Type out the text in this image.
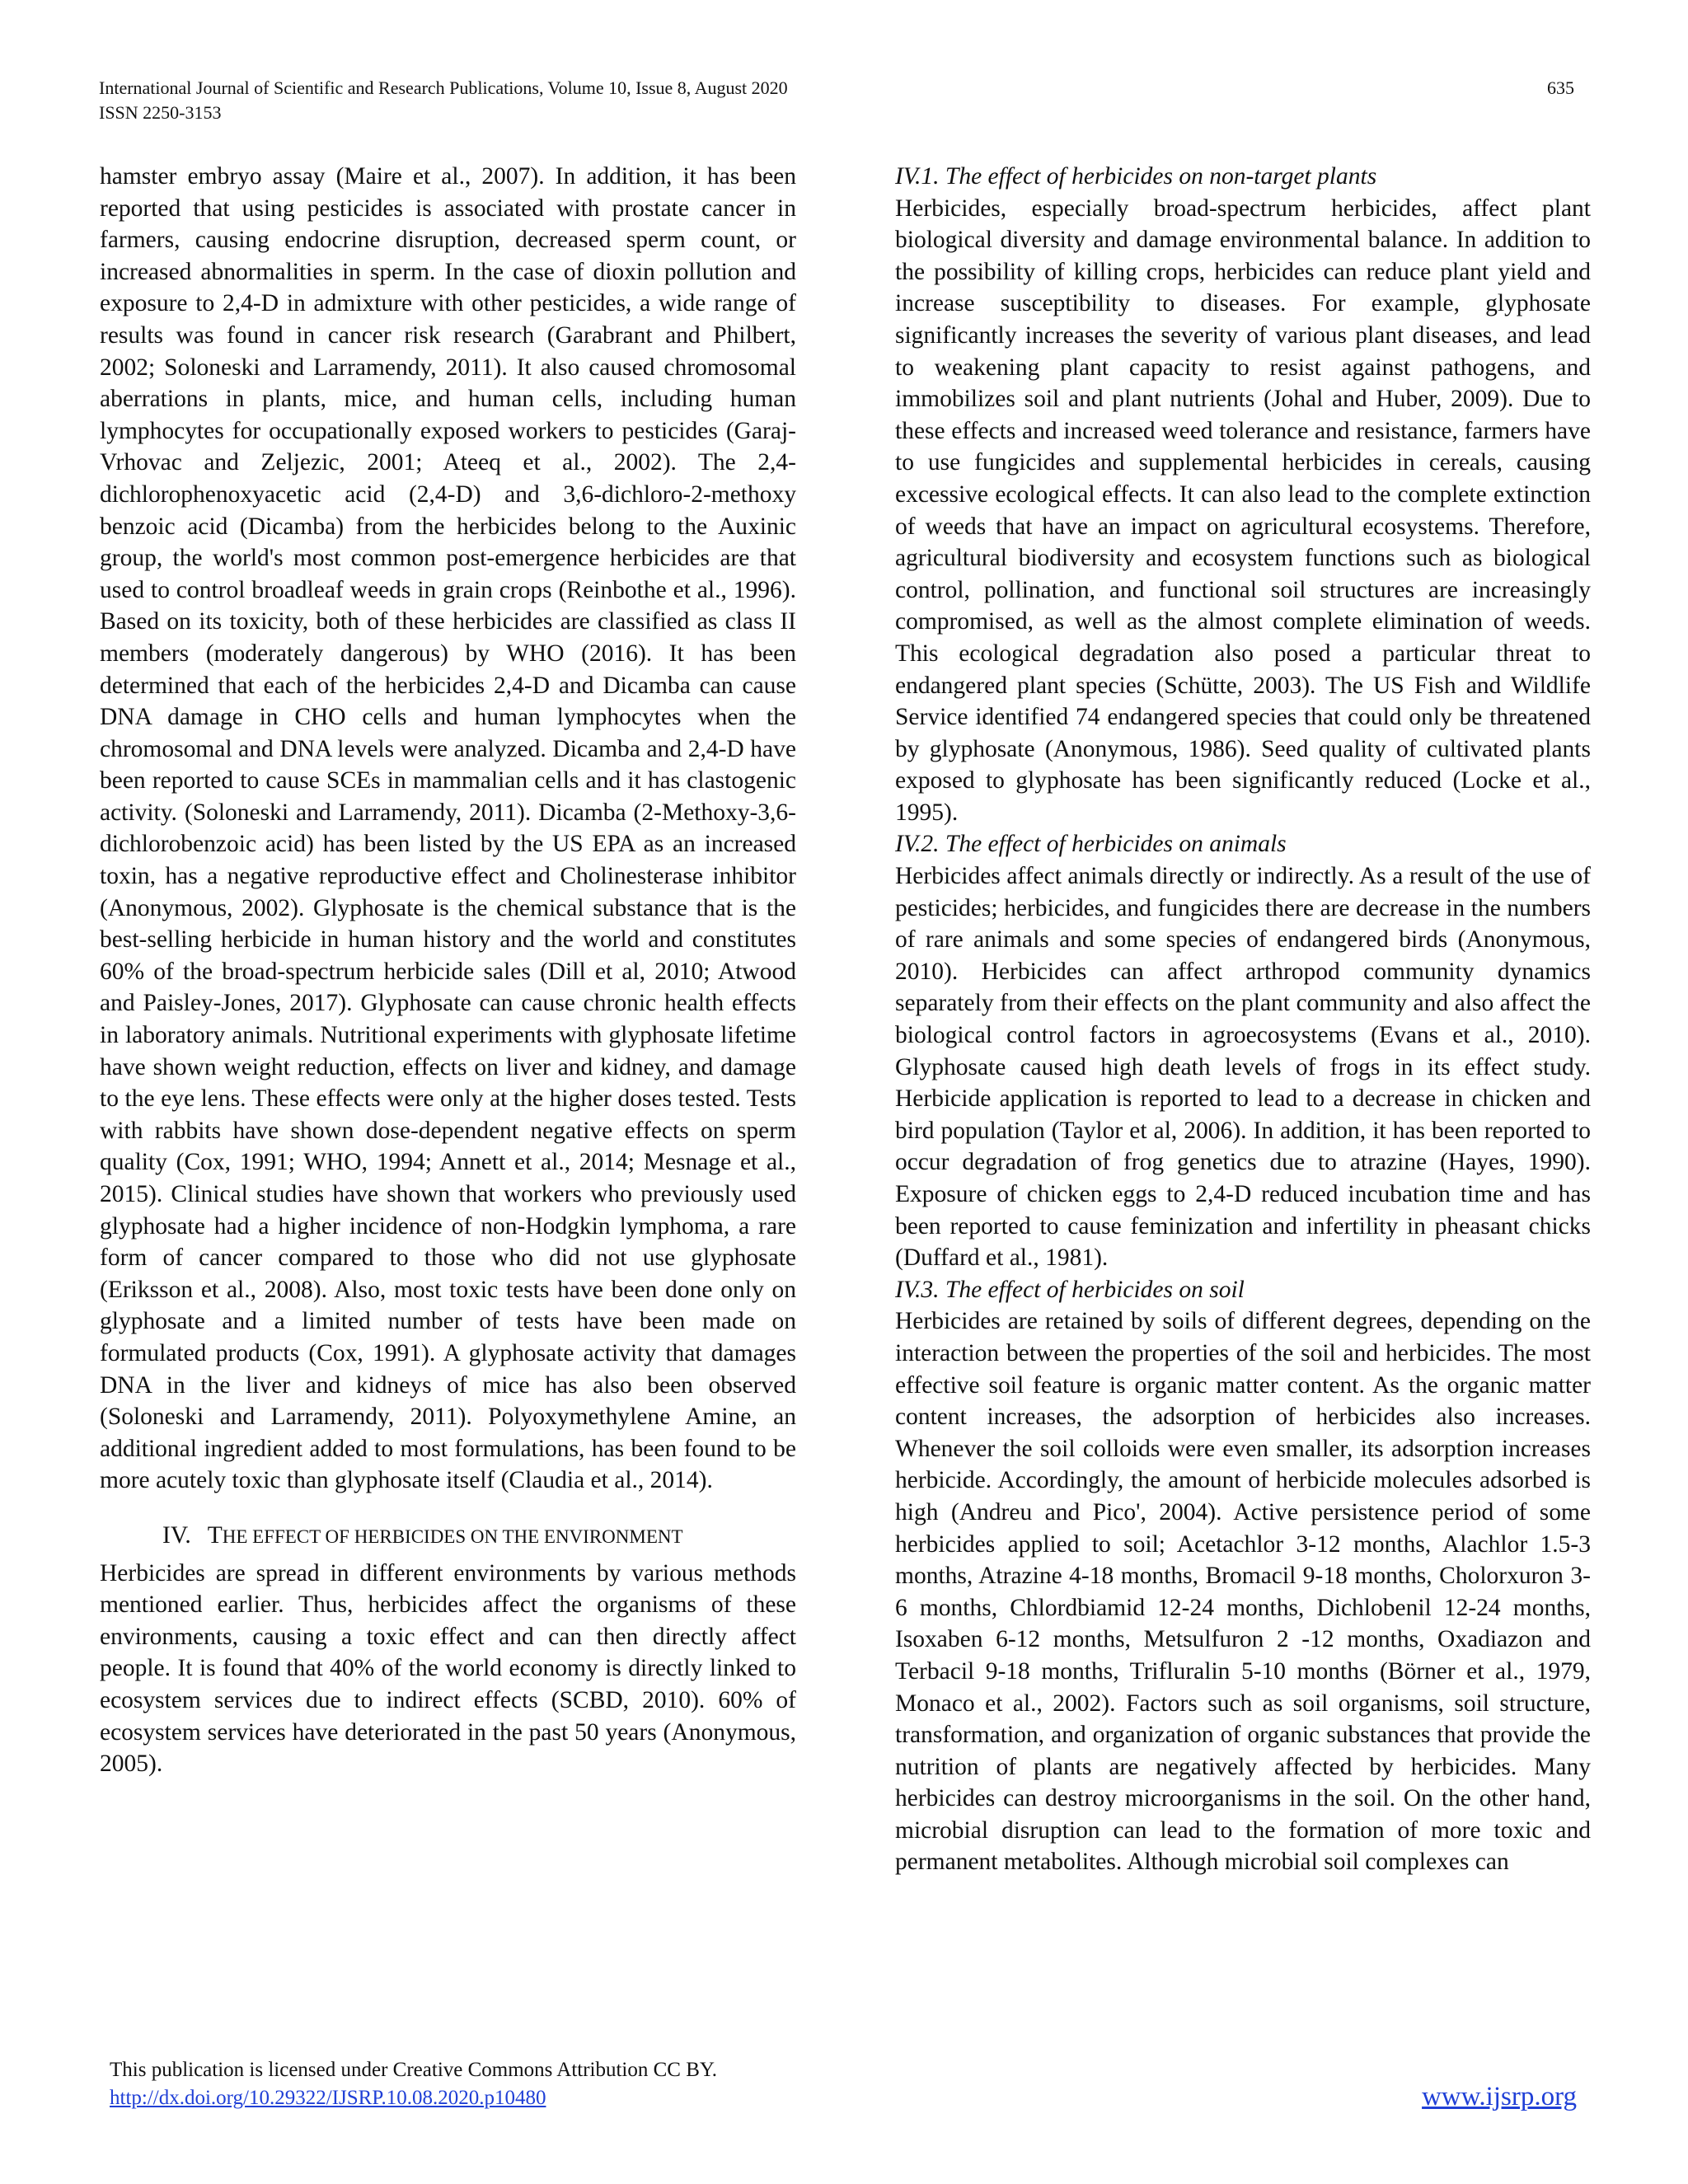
International Journal of Scientific and Research Publications, Volume 10, Issue 8, August 2020
ISSN 2250-3153
635

hamster embryo assay (Maire et al., 2007). In addition, it has been reported that using pesticides is associated with prostate cancer in farmers, causing endocrine disruption, decreased sperm count, or increased abnormalities in sperm. In the case of dioxin pollution and exposure to 2,4-D in admixture with other pesticides, a wide range of results was found in cancer risk research (Garabrant and Philbert, 2002; Soloneski and Larramendy, 2011). It also caused chromosomal aberrations in plants, mice, and human cells, including human lymphocytes for occupationally exposed workers to pesticides (Garaj-Vrhovac and Zeljezic, 2001; Ateeq et al., 2002). The 2,4-dichlorophenoxyacetic acid (2,4-D) and 3,6-dichloro-2-methoxy benzoic acid (Dicamba) from the herbicides belong to the Auxinic group, the world's most common post-emergence herbicides are that used to control broadleaf weeds in grain crops (Reinbothe et al., 1996). Based on its toxicity, both of these herbicides are classified as class II members (moderately dangerous) by WHO (2016). It has been determined that each of the herbicides 2,4-D and Dicamba can cause DNA damage in CHO cells and human lymphocytes when the chromosomal and DNA levels were analyzed. Dicamba and 2,4-D have been reported to cause SCEs in mammalian cells and it has clastogenic activity. (Soloneski and Larramendy, 2011). Dicamba (2-Methoxy-3,6-dichlorobenzoic acid) has been listed by the US EPA as an increased toxin, has a negative reproductive effect and Cholinesterase inhibitor (Anonymous, 2002). Glyphosate is the chemical substance that is the best-selling herbicide in human history and the world and constitutes 60% of the broad-spectrum herbicide sales (Dill et al, 2010; Atwood and Paisley-Jones, 2017). Glyphosate can cause chronic health effects in laboratory animals. Nutritional experiments with glyphosate lifetime have shown weight reduction, effects on liver and kidney, and damage to the eye lens. These effects were only at the higher doses tested. Tests with rabbits have shown dose-dependent negative effects on sperm quality (Cox, 1991; WHO, 1994; Annett et al., 2014; Mesnage et al., 2015). Clinical studies have shown that workers who previously used glyphosate had a higher incidence of non-Hodgkin lymphoma, a rare form of cancer compared to those who did not use glyphosate (Eriksson et al., 2008). Also, most toxic tests have been done only on glyphosate and a limited number of tests have been made on formulated products (Cox, 1991). A glyphosate activity that damages DNA in the liver and kidneys of mice has also been observed (Soloneski and Larramendy, 2011). Polyoxymethylene Amine, an additional ingredient added to most formulations, has been found to be more acutely toxic than glyphosate itself (Claudia et al., 2014).

IV. THE EFFECT OF HERBICIDES ON THE ENVIRONMENT

Herbicides are spread in different environments by various methods mentioned earlier. Thus, herbicides affect the organisms of these environments, causing a toxic effect and can then directly affect people. It is found that 40% of the world economy is directly linked to ecosystem services due to indirect effects (SCBD, 2010). 60% of ecosystem services have deteriorated in the past 50 years (Anonymous, 2005).

IV.1. The effect of herbicides on non-target plants

Herbicides, especially broad-spectrum herbicides, affect plant biological diversity and damage environmental balance. In addition to the possibility of killing crops, herbicides can reduce plant yield and increase susceptibility to diseases. For example, glyphosate significantly increases the severity of various plant diseases, and lead to weakening plant capacity to resist against pathogens, and immobilizes soil and plant nutrients (Johal and Huber, 2009). Due to these effects and increased weed tolerance and resistance, farmers have to use fungicides and supplemental herbicides in cereals, causing excessive ecological effects. It can also lead to the complete extinction of weeds that have an impact on agricultural ecosystems. Therefore, agricultural biodiversity and ecosystem functions such as biological control, pollination, and functional soil structures are increasingly compromised, as well as the almost complete elimination of weeds. This ecological degradation also posed a particular threat to endangered plant species (Schütte, 2003). The US Fish and Wildlife Service identified 74 endangered species that could only be threatened by glyphosate (Anonymous, 1986). Seed quality of cultivated plants exposed to glyphosate has been significantly reduced (Locke et al., 1995).

IV.2. The effect of herbicides on animals

Herbicides affect animals directly or indirectly. As a result of the use of pesticides; herbicides, and fungicides there are decrease in the numbers of rare animals and some species of endangered birds (Anonymous, 2010). Herbicides can affect arthropod community dynamics separately from their effects on the plant community and also affect the biological control factors in agroecosystems (Evans et al., 2010). Glyphosate caused high death levels of frogs in its effect study. Herbicide application is reported to lead to a decrease in chicken and bird population (Taylor et al, 2006). In addition, it has been reported to occur degradation of frog genetics due to atrazine (Hayes, 1990). Exposure of chicken eggs to 2,4-D reduced incubation time and has been reported to cause feminization and infertility in pheasant chicks (Duffard et al., 1981).

IV.3. The effect of herbicides on soil

Herbicides are retained by soils of different degrees, depending on the interaction between the properties of the soil and herbicides. The most effective soil feature is organic matter content. As the organic matter content increases, the adsorption of herbicides also increases. Whenever the soil colloids were even smaller, its adsorption increases herbicide. Accordingly, the amount of herbicide molecules adsorbed is high (Andreu and Pico', 2004). Active persistence period of some herbicides applied to soil; Acetachlor 3-12 months, Alachlor 1.5-3 months, Atrazine 4-18 months, Bromacil 9-18 months, Cholorxuron 3-6 months, Chlordbiamid 12-24 months, Dichlobenil 12-24 months, Isoxaben 6-12 months, Metsulfuron 2 -12 months, Oxadiazon and Terbacil 9-18 months, Trifluralin 5-10 months (Börner et al., 1979, Monaco et al., 2002). Factors such as soil organisms, soil structure, transformation, and organization of organic substances that provide the nutrition of plants are negatively affected by herbicides. Many herbicides can destroy microorganisms in the soil. On the other hand, microbial disruption can lead to the formation of more toxic and permanent metabolites. Although microbial soil complexes can

This publication is licensed under Creative Commons Attribution CC BY.
http://dx.doi.org/10.29322/IJSRP.10.08.2020.p10480	www.ijsrp.org
